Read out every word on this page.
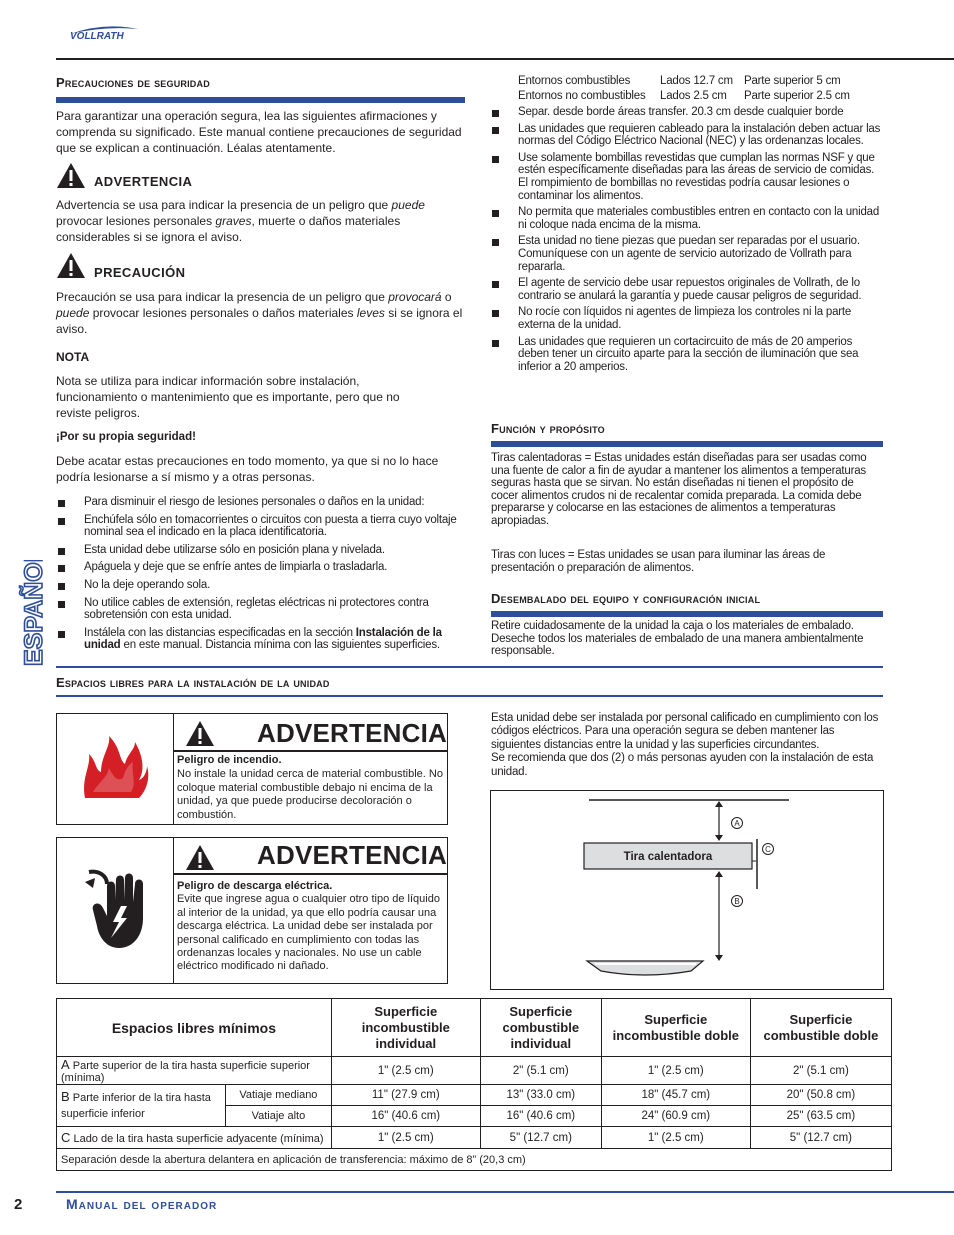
VOLLRATH
ESPAÑOL
Precauciones de seguridad
Para garantizar una operación segura, lea las siguientes afirmaciones y comprenda su significado. Este manual contiene precauciones de seguridad que se explican a continuación. Léalas atentamente.
ADVERTENCIA
Advertencia se usa para indicar la presencia de un peligro que puede provocar lesiones personales graves, muerte o daños materiales considerables si se ignora el aviso.
PRECAUCIÓN
Precaución se usa para indicar la presencia de un peligro que provocará o puede provocar lesiones personales o daños materiales leves si se ignora el aviso.
NOTA
Nota se utiliza para indicar información sobre instalación, funcionamiento o mantenimiento que es importante, pero que no reviste peligros.
¡Por su propia seguridad!
Debe acatar estas precauciones en todo momento, ya que si no lo hace podría lesionarse a sí mismo y a otras personas.
Para disminuir el riesgo de lesiones personales o daños en la unidad:
Enchúfela sólo en tomacorrientes o circuitos con puesta a tierra cuyo voltaje nominal sea el indicado en la placa identificatoria.
Esta unidad debe utilizarse sólo en posición plana y nivelada.
Apáguela y deje que se enfríe antes de limpiarla o trasladarla.
No la deje operando sola.
No utilice cables de extensión, regletas eléctricas ni protectores contra sobretensión con esta unidad.
Instálela con las distancias especificadas en la sección Instalación de la unidad en este manual. Distancia mínima con las siguientes superficies.
Entornos combustibles	Lados 12.7 cm Parte superior 5 cm
Entornos no combustibles	Lados 2.5 cm	Parte superior 2.5 cm
Separ. desde borde áreas transfer. 20.3 cm desde cualquier borde
Las unidades que requieren cableado para la instalación deben actuar las normas del Código Eléctrico Nacional (NEC) y las ordenanzas locales.
Use solamente bombillas revestidas que cumplan las normas NSF y que estén específicamente diseñadas para las áreas de servicio de comidas. El rompimiento de bombillas no revestidas podría causar lesiones o contaminar los alimentos.
No permita que materiales combustibles entren en contacto con la unidad ni coloque nada encima de la misma.
Esta unidad no tiene piezas que puedan ser reparadas por el usuario. Comuníquese con un agente de servicio autorizado de Vollrath para repararla.
El agente de servicio debe usar repuestos originales de Vollrath, de lo contrario se anulará la garantía y puede causar peligros de seguridad.
No rocíe con líquidos ni agentes de limpieza los controles ni la parte externa de la unidad.
Las unidades que requieren un cortacircuito de más de 20 amperios deben tener un circuito aparte para la sección de iluminación que sea inferior a 20 amperios.
Función y propósito
Tiras calentadoras = Estas unidades están diseñadas para ser usadas como una fuente de calor a fin de ayudar a mantener los alimentos a temperaturas seguras hasta que se sirvan. No están diseñadas ni tienen el propósito de cocer alimentos crudos ni de recalentar comida preparada. La comida debe prepararse y colocarse en las estaciones de alimentos a temperaturas apropiadas.
Tiras con luces = Estas unidades se usan para iluminar las áreas de presentación o preparación de alimentos.
Desembalado del equipo y configuración inicial
Retire cuidadosamente de la unidad la caja o los materiales de embalado. Deseche todos los materiales de embalado de una manera ambientalmente responsable.
Espacios libres para la instalación de la unidad
ADVERTENCIA
Peligro de incendio.
No instale la unidad cerca de material combustible. No coloque material combustible debajo ni encima de la unidad, ya que puede producirse decoloración o combustión.
ADVERTENCIA
Peligro de descarga eléctrica.
Evite que ingrese agua o cualquier otro tipo de líquido al interior de la unidad, ya que ello podría causar una descarga eléctrica. La unidad debe ser instalada por personal calificado en cumplimiento con todas las ordenanzas locales y nacionales. No use un cable eléctrico modificado ni dañado.
Esta unidad debe ser instalada por personal calificado en cumplimiento con los códigos eléctricos. Para una operación segura se deben mantener las siguientes distancias entre la unidad y las superficies circundantes.
Se recomienda que dos (2) o más personas ayuden con la instalación de esta unidad.
A
B
C
Tira calentadora
Espacios libres mínimos		Superficie incombustible individual	Superficie combustible individual	Superficie incombustible doble	Superficie combustible doble
A Parte superior de la tira hasta superficie superior (mínima)		1" (2.5 cm)	2" (5.1 cm)	1" (2.5 cm)	2" (5.1 cm)
B Parte inferior de la tira hasta superficie inferior	Vatiaje mediano	11" (27.9 cm)	13" (33.0 cm)	18" (45.7 cm)	20" (50.8 cm)
	Vatiaje alto	16" (40.6 cm)	16" (40.6 cm)	24" (60.9 cm)	25" (63.5 cm)
C Lado de la tira hasta superficie adyacente (mínima)		1" (2.5 cm)	5" (12.7 cm)	1" (2.5 cm)	5" (12.7 cm)
Separación desde la abertura delantera en aplicación de transferencia: máximo de 8” (20,3 cm)					
2	Manual del operador
